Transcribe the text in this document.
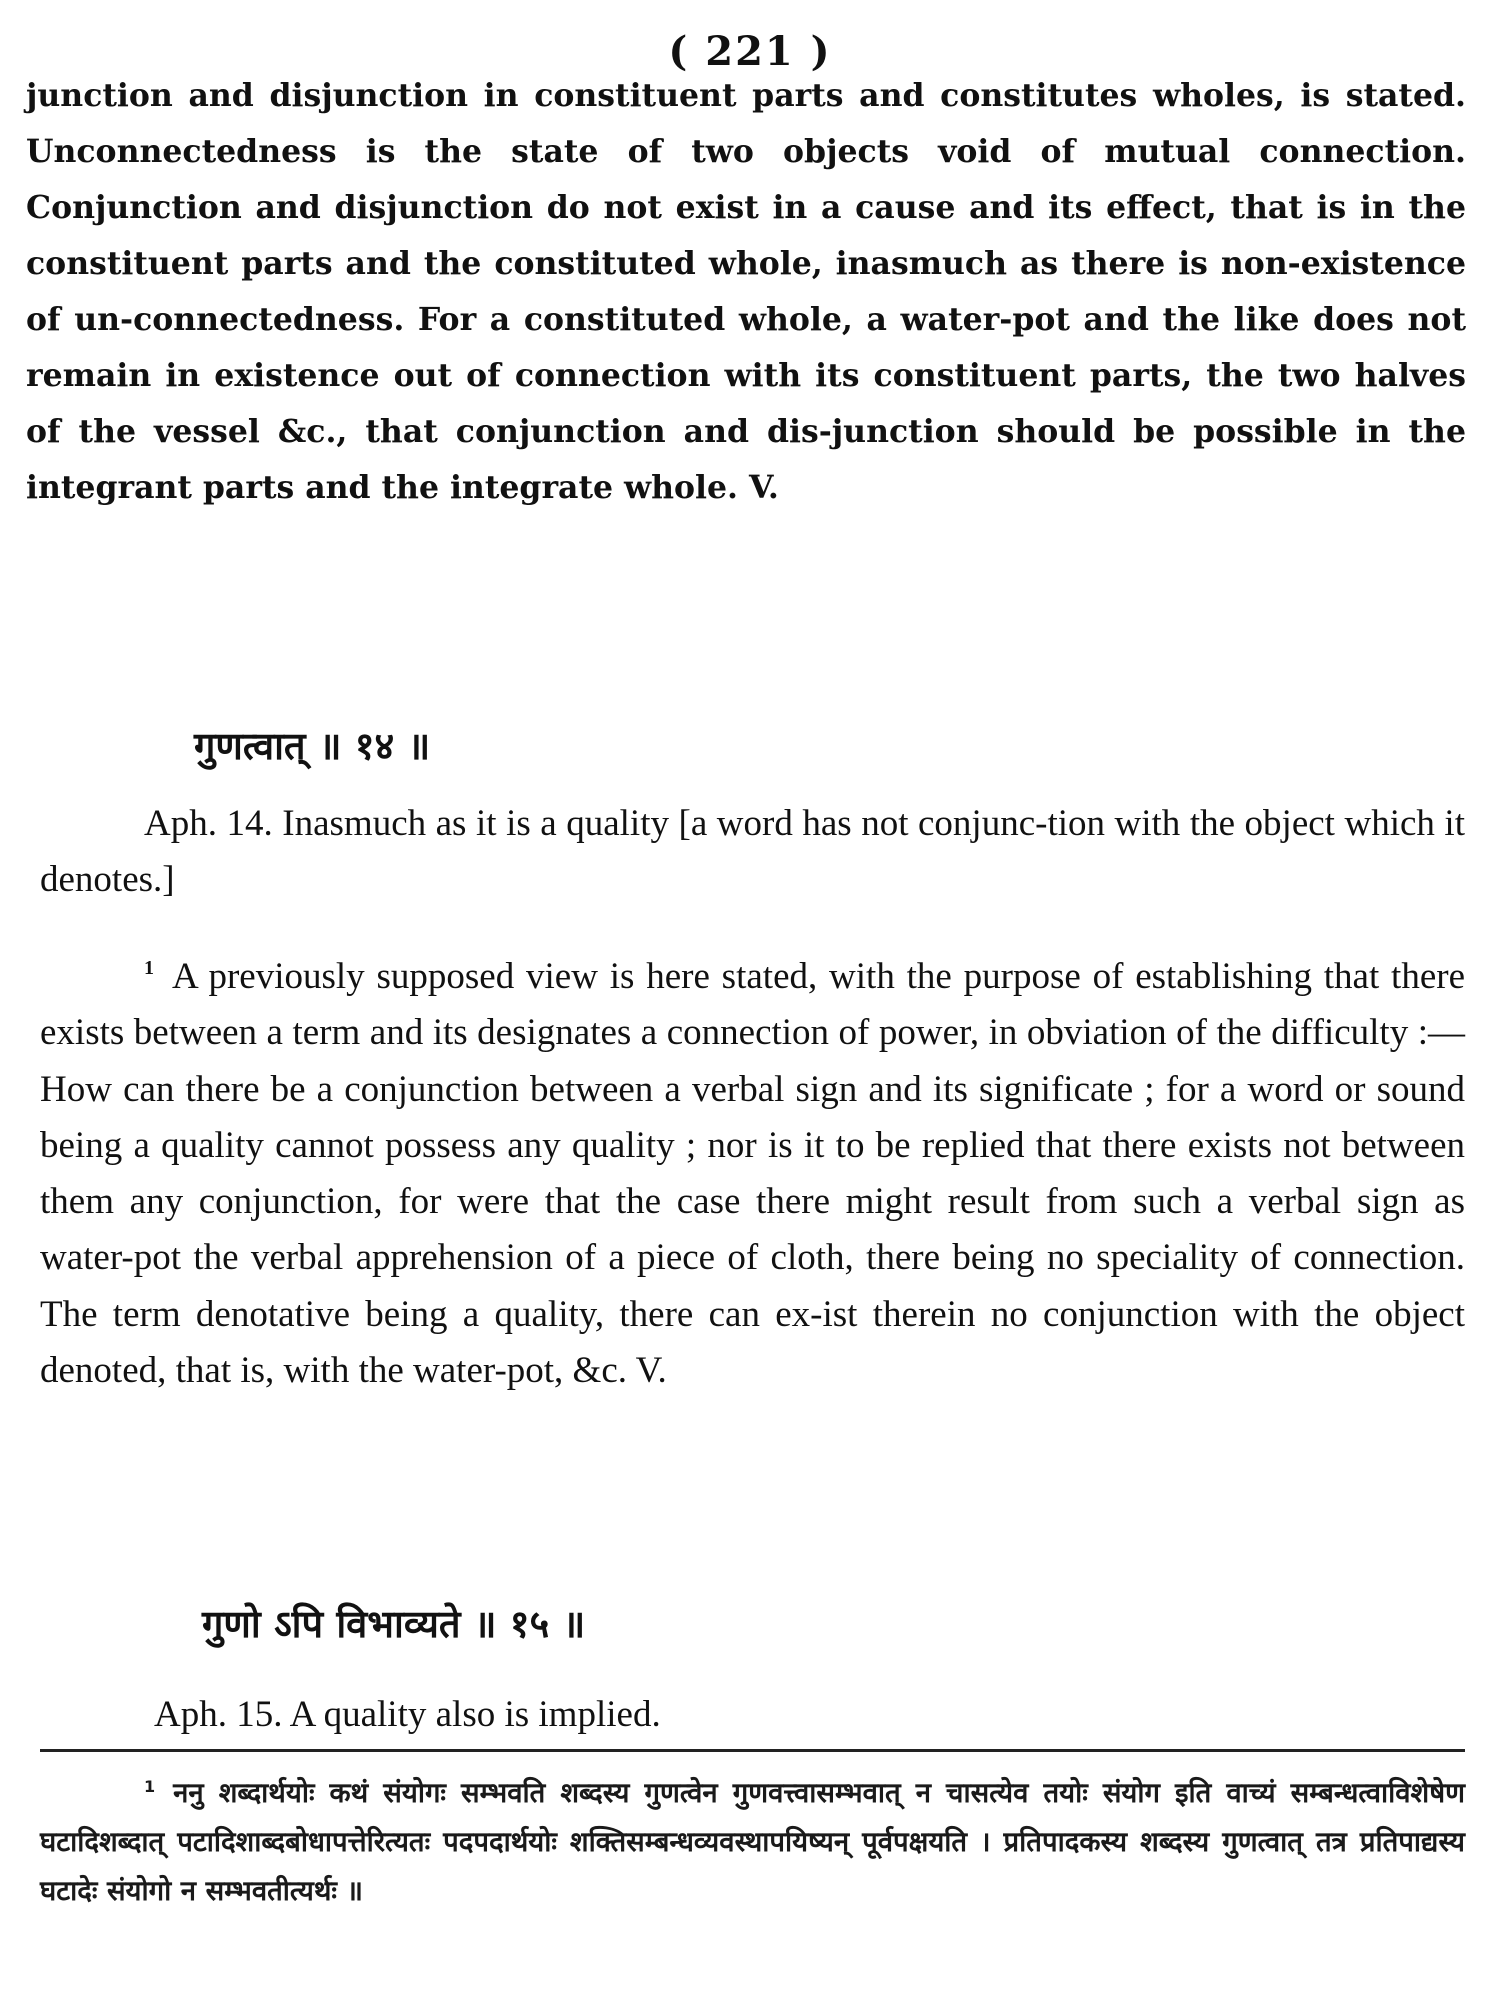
( 221 )

junction and disjunction in constituent parts and constitutes wholes, is stated. Unconnectedness is the state of two objects void of mutual connection. Conjunction and disjunction do not exist in a cause and its effect, that is in the constituent parts and the constituted whole, inasmuch as there is non-existence of un-connectedness. For a constituted whole, a water-pot and the like does not remain in existence out of connection with its constituent parts, the two halves of the vessel &c., that conjunction and dis-junction should be possible in the integrant parts and the integrate whole. V.

गुणत्वात् ॥ १४ ॥

Aph. 14. Inasmuch as it is a quality [a word has not conjunc-tion with the object which it denotes.]

$^1$ A previously supposed view is here stated, with the purpose of establishing that there exists between a term and its designates a connection of power, in obviation of the difficulty :—How can there be a conjunction between a verbal sign and its significate ; for a word or sound being a quality cannot possess any quality ; nor is it to be replied that there exists not between them any conjunction, for were that the case there might result from such a verbal sign as water-pot the verbal apprehension of a piece of cloth, there being no speciality of connection. The term denotative being a quality, there can ex-ist therein no conjunction with the object denoted, that is, with the water-pot, &c. V.

गुणो ऽपि विभाव्यते ॥ १५ ॥

Aph. 15. A quality also is implied.

$^1$ ननु शब्दार्थयोः कथं संयोगः सम्भवति शब्दस्य गुणत्वेन गुणवत्त्वासम्भवात् न चासत्येव तयोः संयोग इति वाच्यं सम्बन्धत्वाविशेषेण घटादिशब्दात् पटादिशाब्दबोधापत्तेरित्यतः पदपदार्थयोः शक्तिसम्बन्धव्यवस्थापयिष्यन् पूर्वपक्षयति । प्रतिपादकस्य शब्दस्य गुणत्वात् तत्र प्रतिपाद्यस्य घटादेः संयोगो न सम्भवतीत्यर्थः ॥
